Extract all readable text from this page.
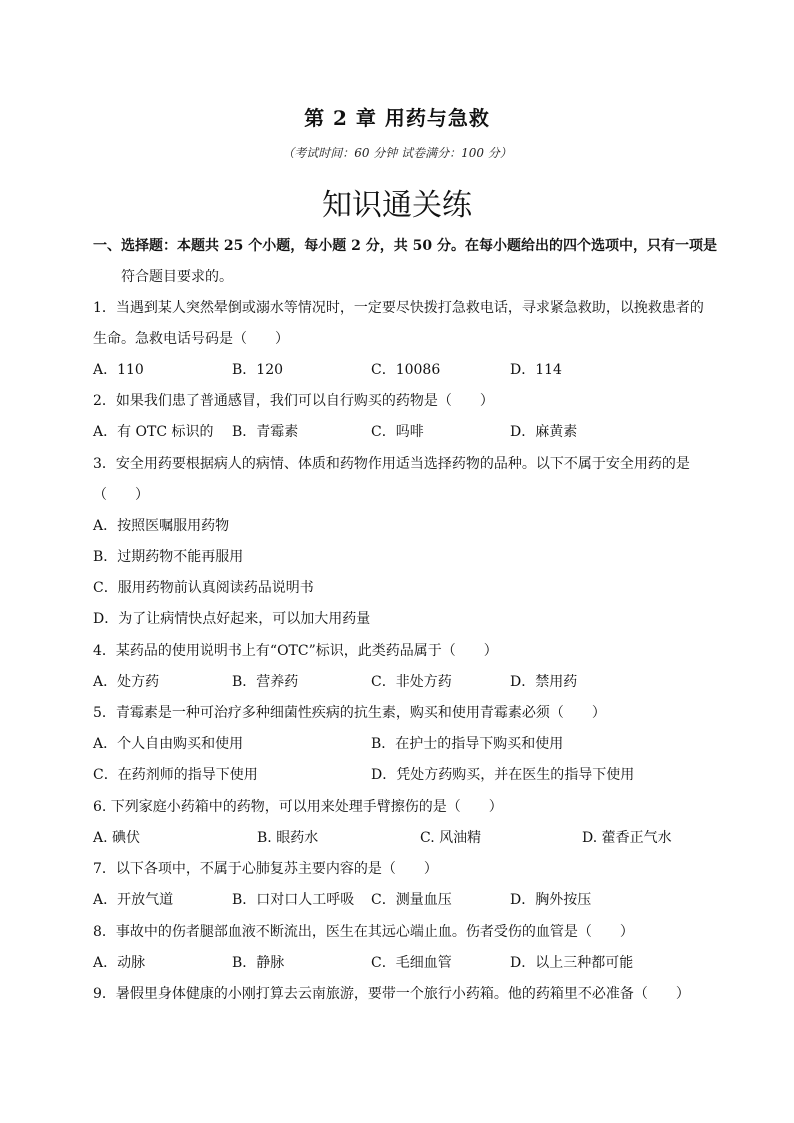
第 2 章 用药与急救
（考试时间：60 分钟 试卷满分：100 分）
知识通关练
一、选择题：本题共 25 个小题，每小题 2 分，共 50 分。在每小题给出的四个选项中，只有一项是
符合题目要求的。
1．当遇到某人突然晕倒或溺水等情况时，一定要尽快拨打急救电话，寻求紧急救助，以挽救患者的
生命。急救电话号码是（　　）
A．110	B．120	C．10086	D．114
2．如果我们患了普通感冒，我们可以自行购买的药物是（　　）
A．有 OTC 标识的 B．青霉素	C．吗啡	D．麻黄素
3．安全用药要根据病人的病情、体质和药物作用适当选择药物的品种。以下不属于安全用药的是
（　　）
A．按照医嘱服用药物
B．过期药物不能再服用
C．服用药物前认真阅读药品说明书
D．为了让病情快点好起来，可以加大用药量
4．某药品的使用说明书上有“OTC”标识，此类药品属于（　　）
A．处方药	B．营养药	C．非处方药	D．禁用药
5．青霉素是一种可治疗多种细菌性疾病的抗生素，购买和使用青霉素必须（　　）
A．个人自由购买和使用	B．在护士的指导下购买和使用
C．在药剂师的指导下使用	D．凭处方药购买，并在医生的指导下使用
6. 下列家庭小药箱中的药物，可以用来处理手臂擦伤的是（　　）
A. 碘伏	B. 眼药水	C. 风油精	D. 藿香正气水
7．以下各项中，不属于心肺复苏主要内容的是（　　）
A．开放气道	B．口对口人工呼吸 C．测量血压	D．胸外按压
8．事故中的伤者腿部血液不断流出，医生在其远心端止血。伤者受伤的血管是（　　）
A．动脉	B．静脉	C．毛细血管	D．以上三种都可能
9．暑假里身体健康的小刚打算去云南旅游，要带一个旅行小药箱。他的药箱里不必准备（　　）
